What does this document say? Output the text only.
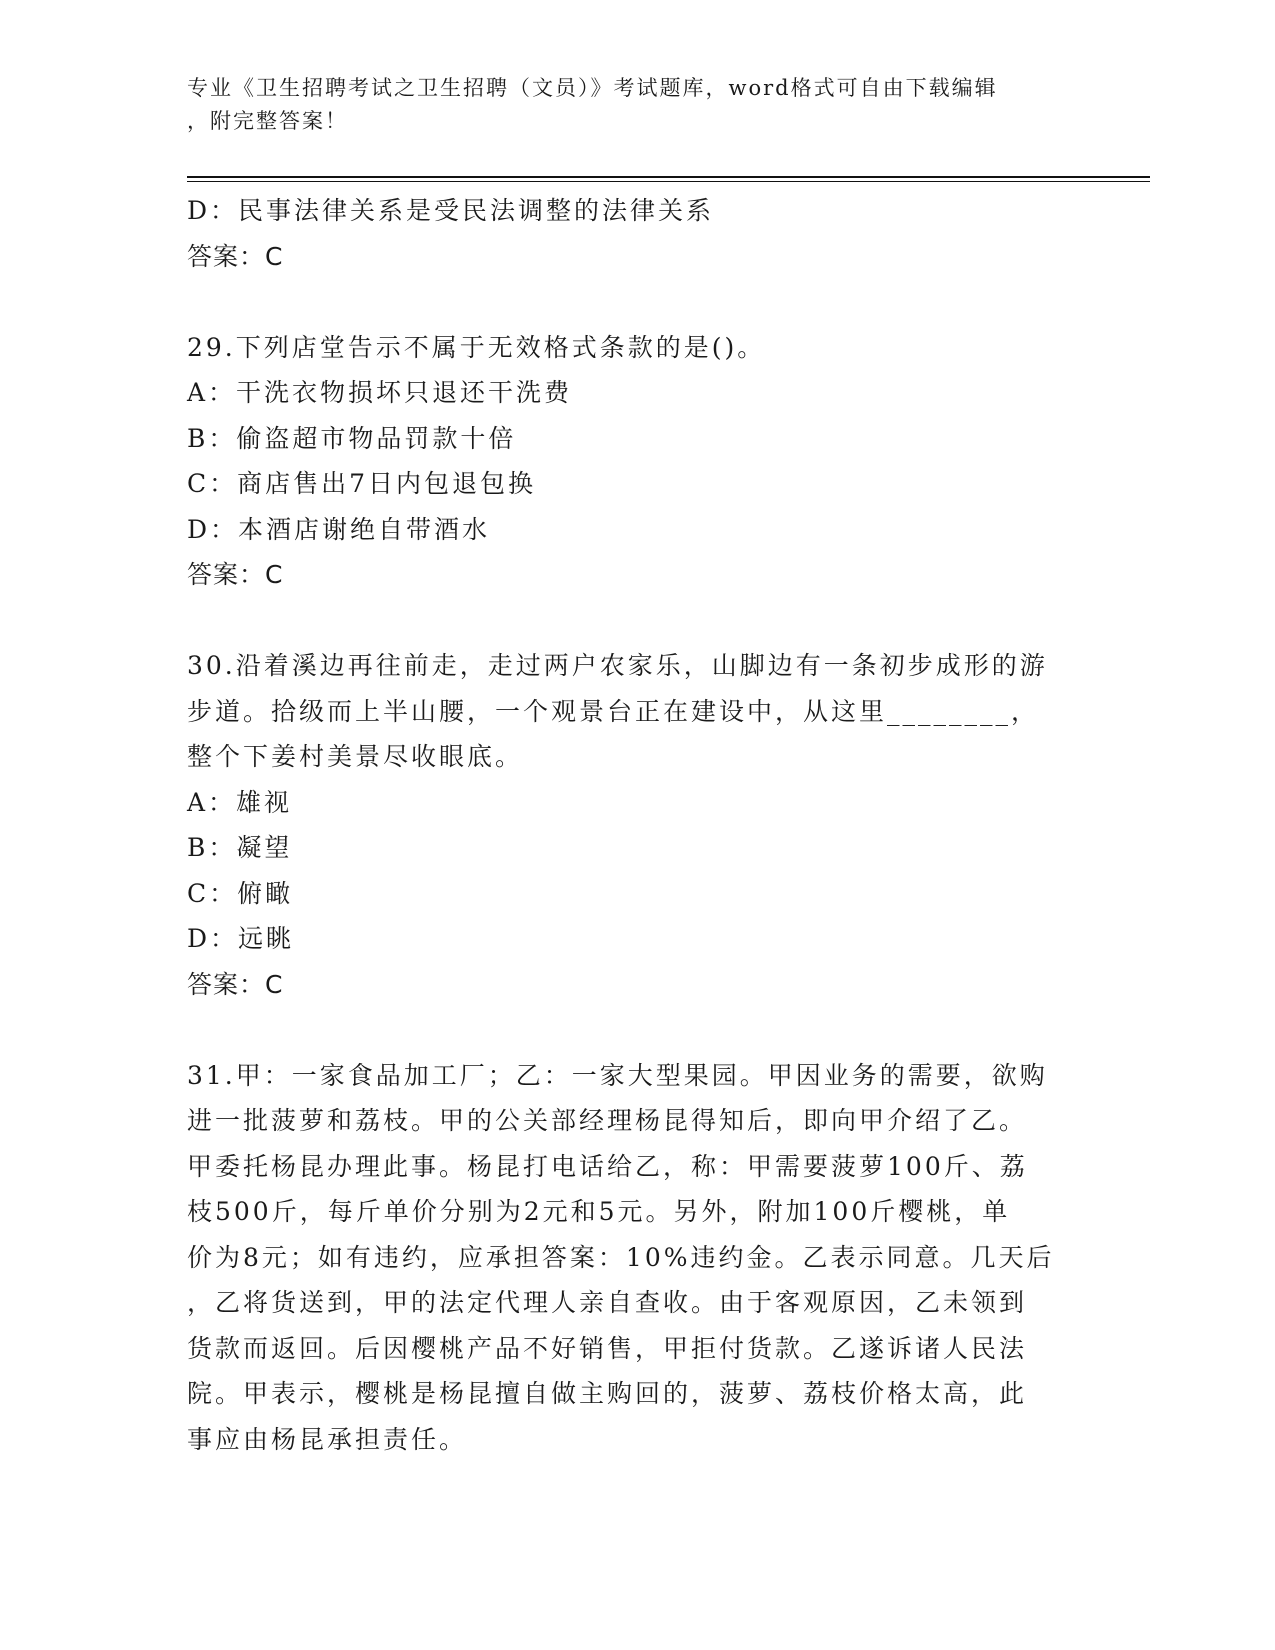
专业《卫生招聘考试之卫生招聘（文员）》考试题库，word格式可自由下载编辑
，附完整答案！
D：民事法律关系是受民法调整的法律关系
答案：C
29.下列店堂告示不属于无效格式条款的是()。
A：干洗衣物损坏只退还干洗费
B：偷盗超市物品罚款十倍
C：商店售出7日内包退包换
D：本酒店谢绝自带酒水
答案：C
30.沿着溪边再往前走，走过两户农家乐，山脚边有一条初步成形的游
步道。拾级而上半山腰，一个观景台正在建设中，从这里________，
整个下姜村美景尽收眼底。
A：雄视
B：凝望
C：俯瞰
D：远眺
答案：C
31.甲：一家食品加工厂；乙：一家大型果园。甲因业务的需要，欲购
进一批菠萝和荔枝。甲的公关部经理杨昆得知后，即向甲介绍了乙。
甲委托杨昆办理此事。杨昆打电话给乙，称：甲需要菠萝100斤、荔
枝500斤，每斤单价分别为2元和5元。另外，附加100斤樱桃，单
价为8元；如有违约，应承担答案：10%违约金。乙表示同意。几天后
，乙将货送到，甲的法定代理人亲自查收。由于客观原因，乙未领到
货款而返回。后因樱桃产品不好销售，甲拒付货款。乙遂诉诸人民法
院。甲表示，樱桃是杨昆擅自做主购回的，菠萝、荔枝价格太高，此
事应由杨昆承担责任。
